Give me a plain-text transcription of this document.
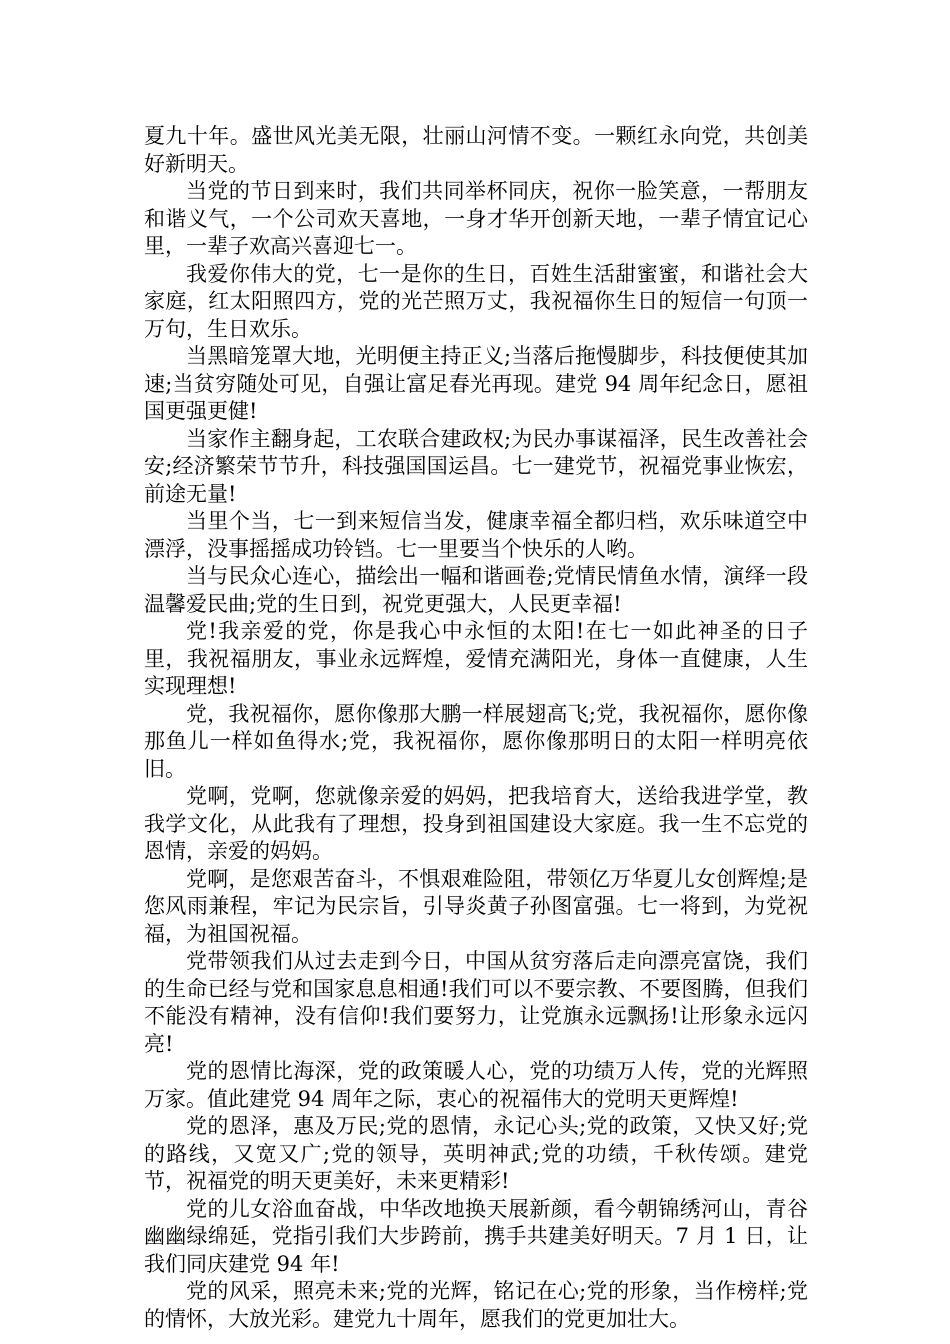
夏九十年。盛世风光美无限，壮丽山河情不变。一颗红永向党，共创美好新明天。

当党的节日到来时，我们共同举杯同庆，祝你一脸笑意，一帮朋友和谐义气，一个公司欢天喜地，一身才华开创新天地，一辈子情宜记心里，一辈子欢高兴喜迎七一。

我爱你伟大的党，七一是你的生日，百姓生活甜蜜蜜，和谐社会大家庭，红太阳照四方，党的光芒照万丈，我祝福你生日的短信一句顶一万句，生日欢乐。

当黑暗笼罩大地，光明便主持正义;当落后拖慢脚步，科技便使其加速;当贫穷随处可见，自强让富足春光再现。建党 94 周年纪念日，愿祖国更强更健!

当家作主翻身起，工农联合建政权;为民办事谋福泽，民生改善社会安;经济繁荣节节升，科技强国国运昌。七一建党节，祝福党事业恢宏，前途无量!

当里个当，七一到来短信当发，健康幸福全都归档，欢乐味道空中漂浮，没事摇摇成功铃铛。七一里要当个快乐的人哟。

当与民众心连心，描绘出一幅和谐画卷;党情民情鱼水情，演绎一段温馨爱民曲;党的生日到，祝党更强大，人民更幸福!

党!我亲爱的党，你是我心中永恒的太阳!在七一如此神圣的日子里，我祝福朋友，事业永远辉煌，爱情充满阳光，身体一直健康，人生实现理想!

党，我祝福你，愿你像那大鹏一样展翅高飞;党，我祝福你，愿你像那鱼儿一样如鱼得水;党，我祝福你，愿你像那明日的太阳一样明亮依旧。

党啊，党啊，您就像亲爱的妈妈，把我培育大，送给我进学堂，教我学文化，从此我有了理想，投身到祖国建设大家庭。我一生不忘党的恩情，亲爱的妈妈。

党啊，是您艰苦奋斗，不惧艰难险阻，带领亿万华夏儿女创辉煌;是您风雨兼程，牢记为民宗旨，引导炎黄子孙图富强。七一将到，为党祝福，为祖国祝福。

党带领我们从过去走到今日，中国从贫穷落后走向漂亮富饶，我们的生命已经与党和国家息息相通!我们可以不要宗教、不要图腾，但我们不能没有精神，没有信仰!我们要努力，让党旗永远飘扬!让形象永远闪亮!

党的恩情比海深，党的政策暖人心，党的功绩万人传，党的光辉照万家。值此建党 94 周年之际，衷心的祝福伟大的党明天更辉煌!

党的恩泽，惠及万民;党的恩情，永记心头;党的政策，又快又好;党的路线，又宽又广;党的领导，英明神武;党的功绩，千秋传颂。建党节，祝福党的明天更美好，未来更精彩!

党的儿女浴血奋战，中华改地换天展新颜，看今朝锦绣河山，青谷幽幽绿绵延，党指引我们大步跨前，携手共建美好明天。7 月 1 日，让我们同庆建党 94 年!

党的风采，照亮未来;党的光辉，铭记在心;党的形象，当作榜样;党的情怀，大放光彩。建党九十周年，愿我们的党更加壮大。
